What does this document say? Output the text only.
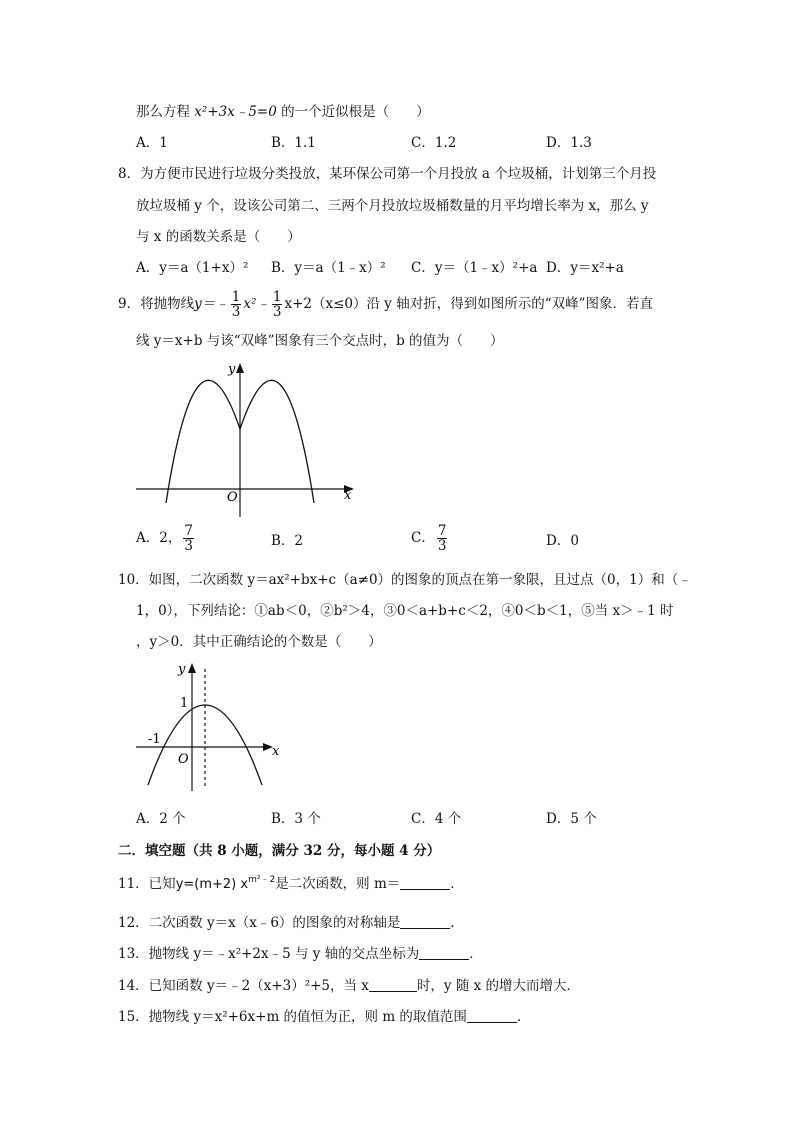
那么方程 x²+3x﹣5=0 的一个近似根是（　　）
A．1	B．1.1	C．1.2	D．1.3
8．为方便市民进行垃圾分类投放，某环保公司第一个月投放 a 个垃圾桶，计划第三个月投
放垃圾桶 y 个，设该公司第二、三两个月投放垃圾桶数量的月平均增长率为 x，那么 y
与 x 的函数关系是（　　）
A．y＝a（1+x）² B．y＝a（1﹣x）² C．y＝（1﹣x）²+a D．y＝x²+a
9．将抛物线y＝﹣ $\frac{1}{3}$ x²﹣ $\frac{1}{3} x+2(x\le 0)$沿 y 轴对折，得到如图所示的“双峰”图象．若直
线 y＝x+b 与该“双峰”图象有三个交点时，b 的值为（　　）
y
x
O
A．2， $\frac{7}{3}$	B．2	C． $\frac{7}{3}$	D．0
10．如图，二次函数 y＝ax²+bx+c（a≠0）的图象的顶点在第一象限，且过点（0，1）和（﹣
1，0），下列结论：①ab＜0，②b²＞4，③0＜a+b+c＜2，④0＜b＜1，⑤当 x＞﹣1 时
，y＞0．其中正确结论的个数是（　　）
y
x
O
1
-1
A．2 个	B．3 个	C．4 个	D．5 个
二．填空题（共 8 小题，满分 32 分，每小题 4 分）
11．已知y=(m+2) $x^{m^2﹣2}$是二次函数，则 m＝	．
12．二次函数 y＝x（x﹣6）的图象的对称轴是	．
13．抛物线 y＝﹣x²+2x﹣5 与 y 轴的交点坐标为	．
14．已知函数 y＝﹣2（x+3）²+5，当 x	时，y 随 x 的增大而增大．
15．抛物线 y＝x²+6x+m 的值恒为正，则 m 的取值范围	．
